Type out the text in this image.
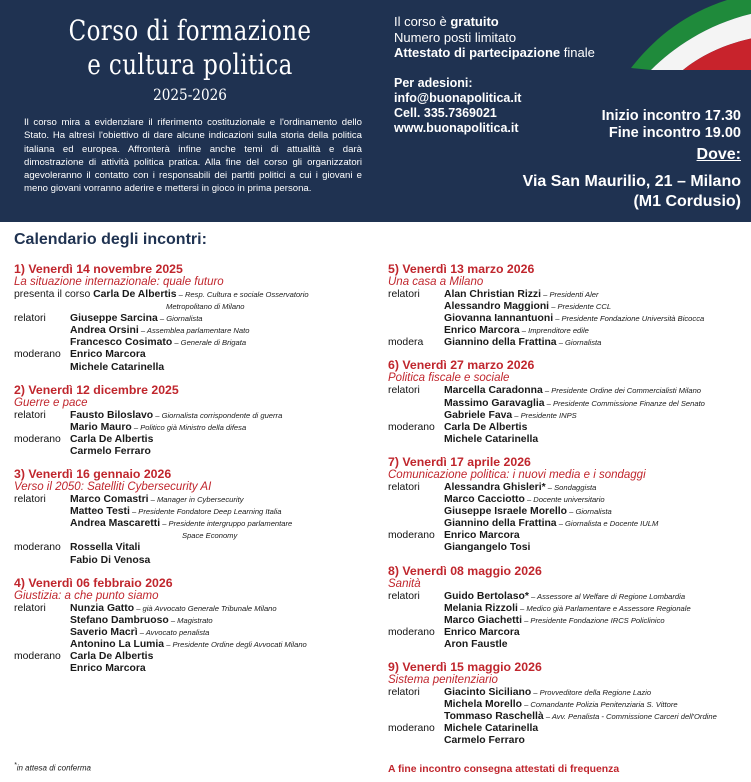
Corso di formazione
e cultura politica
2025-2026

Il corso mira a evidenziare il riferimento costituzionale e l'ordinamento dello Stato. Ha altresì l'obiettivo di dare alcune indicazioni sulla storia della politica italiana ed europea. Affronterà infine anche temi di attualità e darà dimostrazione di attività politica pratica. Alla fine del corso gli organizzatori agevoleranno il contatto con i responsabili dei partiti politici a cui i giovani e meno giovani vorranno aderire e mettersi in gioco in prima persona.

Il corso è gratuito
Numero posti limitato
Attestato di partecipazione finale
Per adesioni:
info@buonapolitica.it
Cell. 335.7369021
www.buonapolitica.it
Inizio incontro 17.30
Fine incontro 19.00
Dove:
Via San Maurilio, 21 – Milano
(M1 Cordusio)
Calendario degli incontri:
1) Venerdì 14 novembre 2025
La situazione internazionale: quale futuro
presenta il corso Carla De Albertis – Resp. Cultura e sociale Osservatorio
Metropolitano di Milano
relatori	Giuseppe Sarcina – Giornalista
Andrea Orsini – Assemblea parlamentare Nato
Francesco Cosimato – Generale di Brigata
moderano Enrico Marcora
Michele Catarinella
2) Venerdì 12 dicembre 2025
Guerre e pace
relatori	Fausto Biloslavo – Giornalista corrispondente di guerra
Mario Mauro – Politico già Ministro della difesa
moderano Carla De Albertis
Carmelo Ferraro
3) Venerdì 16 gennaio 2026
Verso il 2050: Satelliti Cybersecurity AI
relatori	Marco Comastri – Manager in Cybersecurity
Matteo Testi – Presidente Fondatore Deep Learning Italia
Andrea Mascaretti – Presidente intergruppo parlamentare
Space Economy
moderano Rossella Vitali
Fabio Di Venosa
4) Venerdì 06 febbraio 2026
Giustizia: a che punto siamo
relatori	Nunzia Gatto – già Avvocato Generale Tribunale Milano
Stefano Dambruoso – Magistrato
Saverio Macrì – Avvocato penalista
Antonino La Lumia – Presidente Ordine degli Avvocati Milano
moderano Carla De Albertis
Enrico Marcora
5) Venerdì 13 marzo 2026
Una casa a Milano
relatori	Alan Christian Rizzi – Presidenti Aler
Alessandro Maggioni – Presidente CCL
Giovanna Iannantuoni – Presidente Fondazione Università Bicocca
Enrico Marcora – Imprenditore edile
modera	Giannino della Frattina – Giornalista
6) Venerdì 27 marzo 2026
Politica fiscale e sociale
relatori	Marcella Caradonna – Presidente Ordine dei Commercialisti Milano
Massimo Garavaglia – Presidente Commissione Finanze del Senato
Gabriele Fava – Presidente INPS
moderano Carla De Albertis
Michele Catarinella
7) Venerdì 17 aprile 2026
Comunicazione politica: i nuovi media e i sondaggi
relatori	Alessandra Ghisleri* – Sondaggista
Marco Cacciotto – Docente universitario
Giuseppe Israele Morello – Giornalista
Giannino della Frattina – Giornalista e Docente IULM
moderano Enrico Marcora
Giangangelo Tosi
8) Venerdì 08 maggio 2026
Sanità
relatori	Guido Bertolaso* – Assessore al Welfare di Regione Lombardia
Melania Rizzoli – Medico già Parlamentare e Assessore Regionale
Marco Giachetti – Presidente Fondazione IRCS Policlinico
moderano Enrico Marcora
Aron Faustle
9) Venerdì 15 maggio 2026
Sistema penitenziario
relatori	Giacinto Siciliano – Provveditore della Regione Lazio
Michela Morello – Comandante Polizia Penitenziaria S. Vittore
Tommaso Raschellà – Avv. Penalista - Commissione Carceri dell'Ordine
moderano Michele Catarinella
Carmelo Ferraro
*in attesa di conferma	A fine incontro consegna attestati di frequenza
